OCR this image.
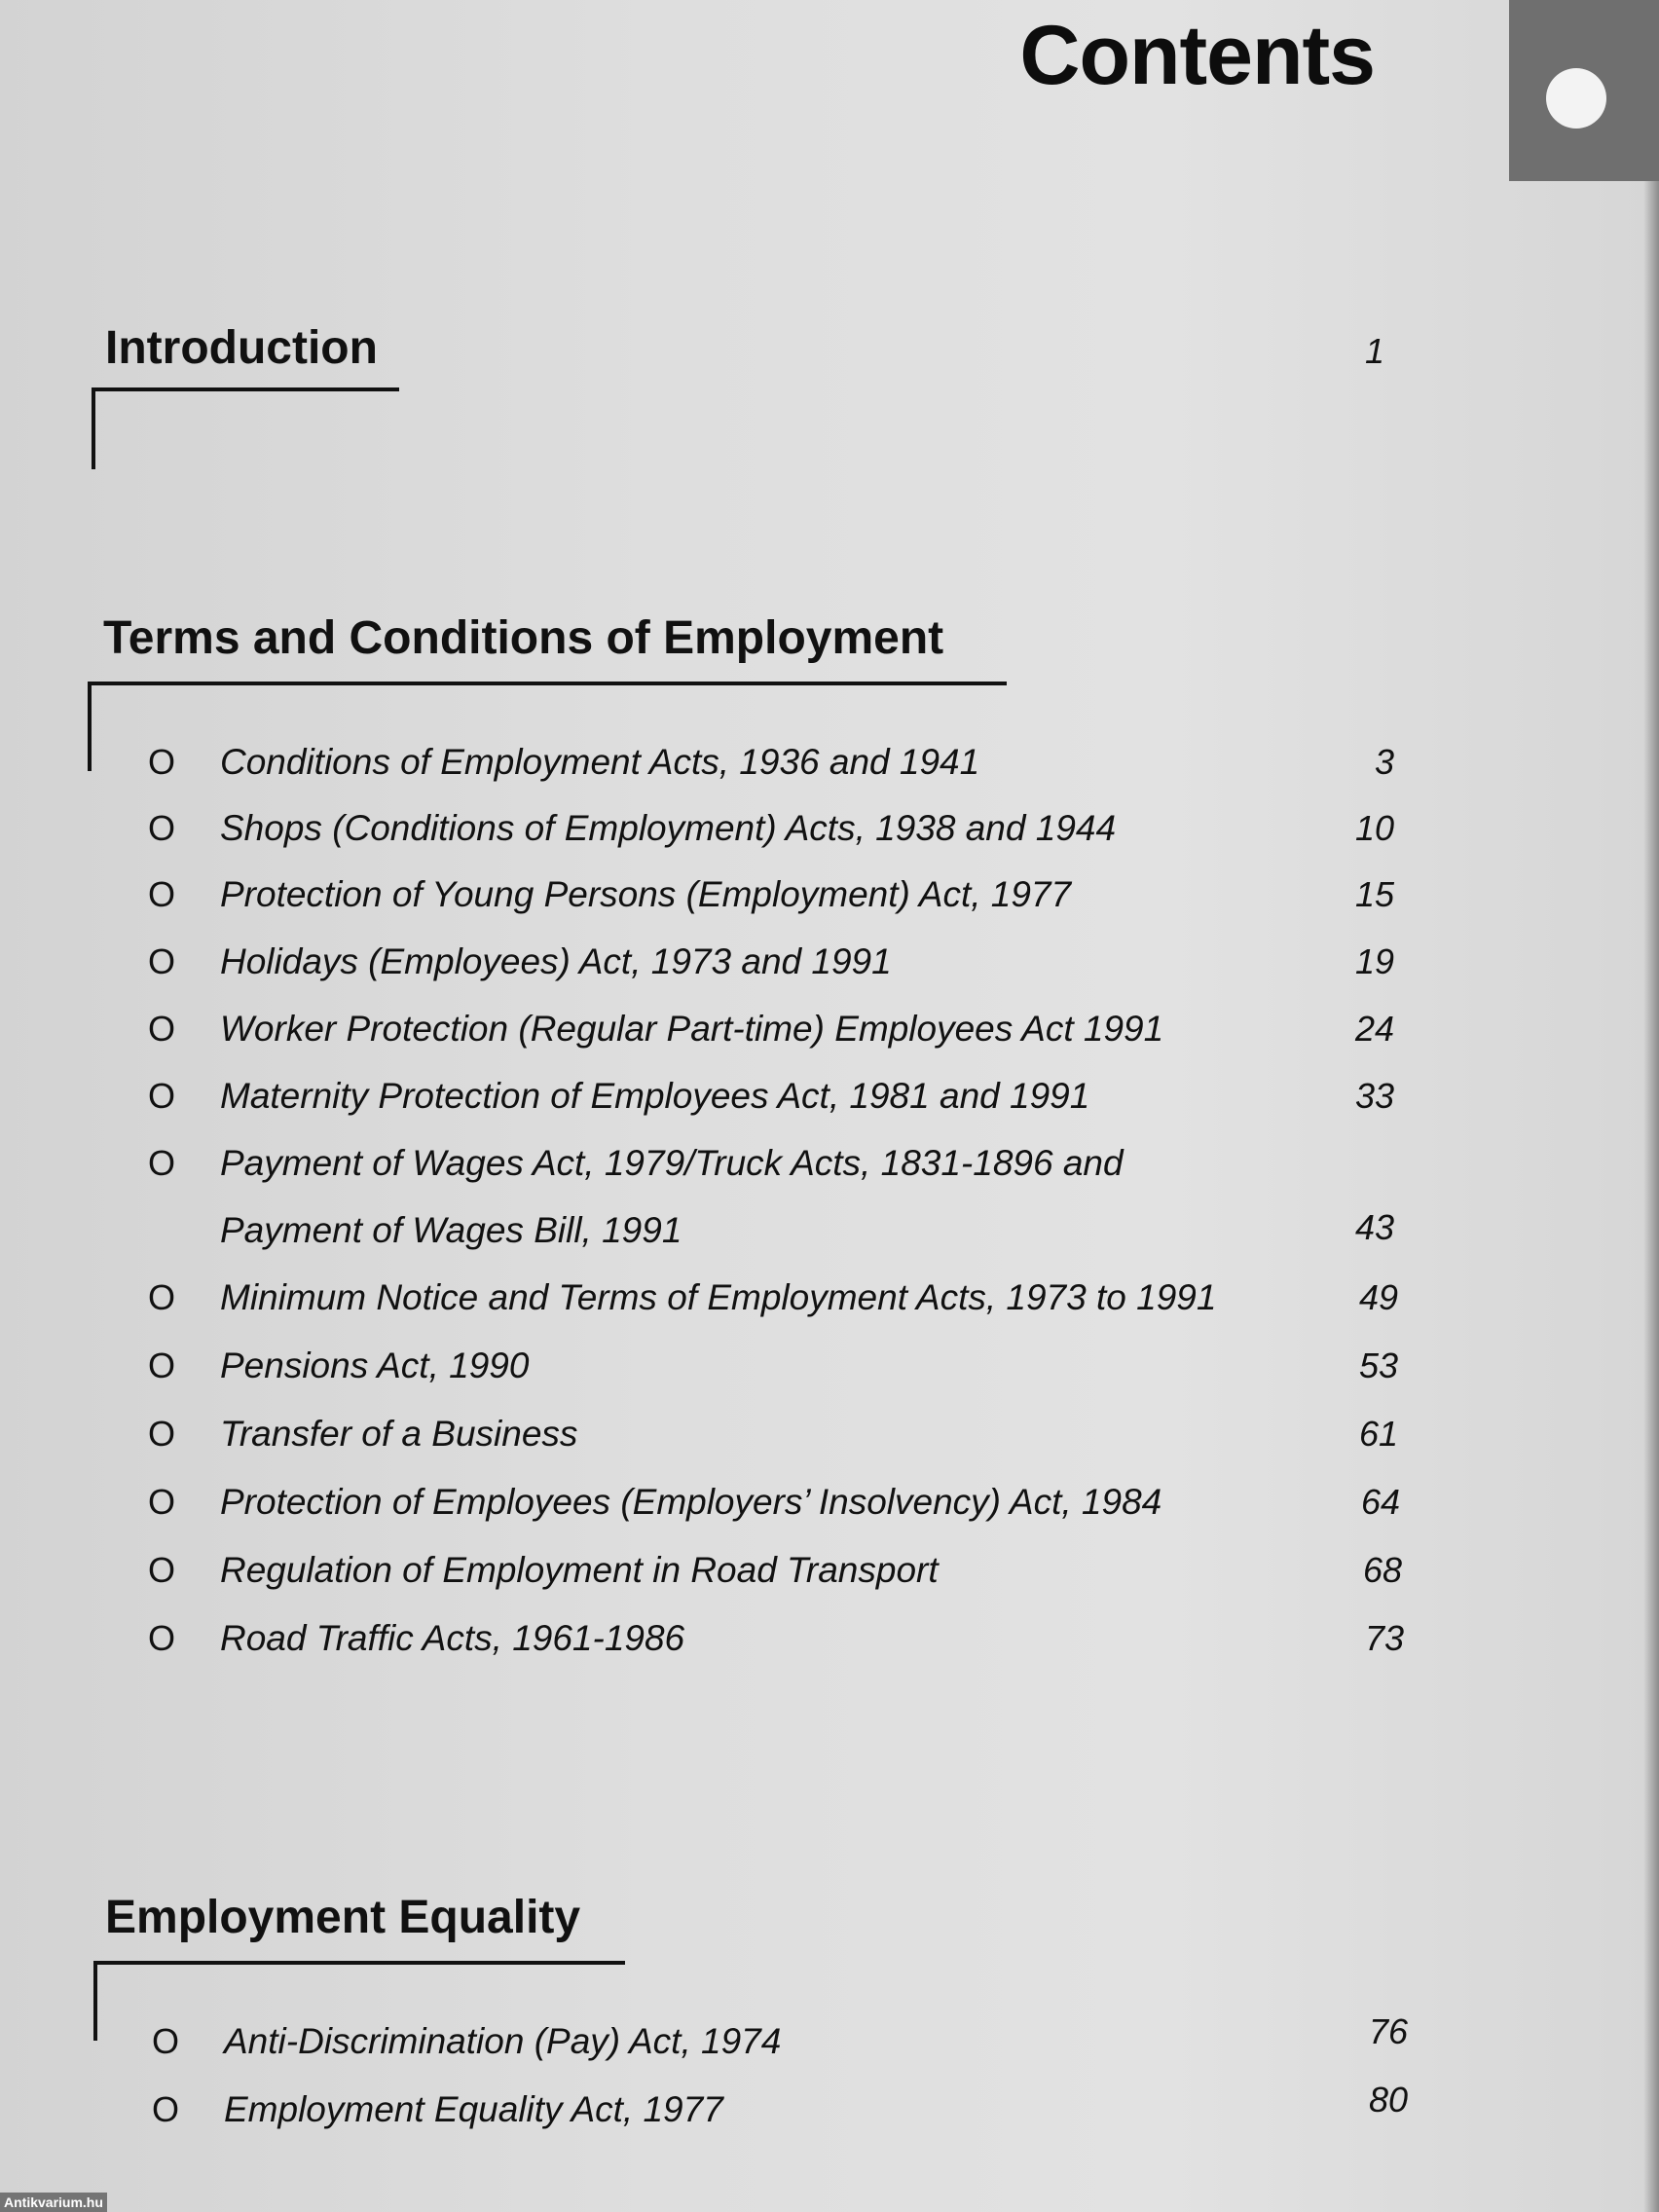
Contents
Introduction	1
Terms and Conditions of Employment
O Conditions of Employment Acts, 1936 and 1941	3
O Shops (Conditions of Employment) Acts, 1938 and 1944	10
O Protection of Young Persons (Employment) Act, 1977	15
O Holidays (Employees) Act, 1973 and 1991	19
O Worker Protection (Regular Part-time) Employees Act 1991	24
O Maternity Protection of Employees Act, 1981 and 1991	33
O Payment of Wages Act, 1979/Truck Acts, 1831-1896 and
Payment of Wages Bill, 1991	43
O Minimum Notice and Terms of Employment Acts, 1973 to 1991	49
O Pensions Act, 1990	53
O Transfer of a Business	61
O Protection of Employees (Employers’ Insolvency) Act, 1984	64
O Regulation of Employment in Road Transport	68
O Road Traffic Acts, 1961-1986	73
Employment Equality
O Anti-Discrimination (Pay) Act, 1974	76
O Employment Equality Act, 1977	80
Antikvarium.hu
